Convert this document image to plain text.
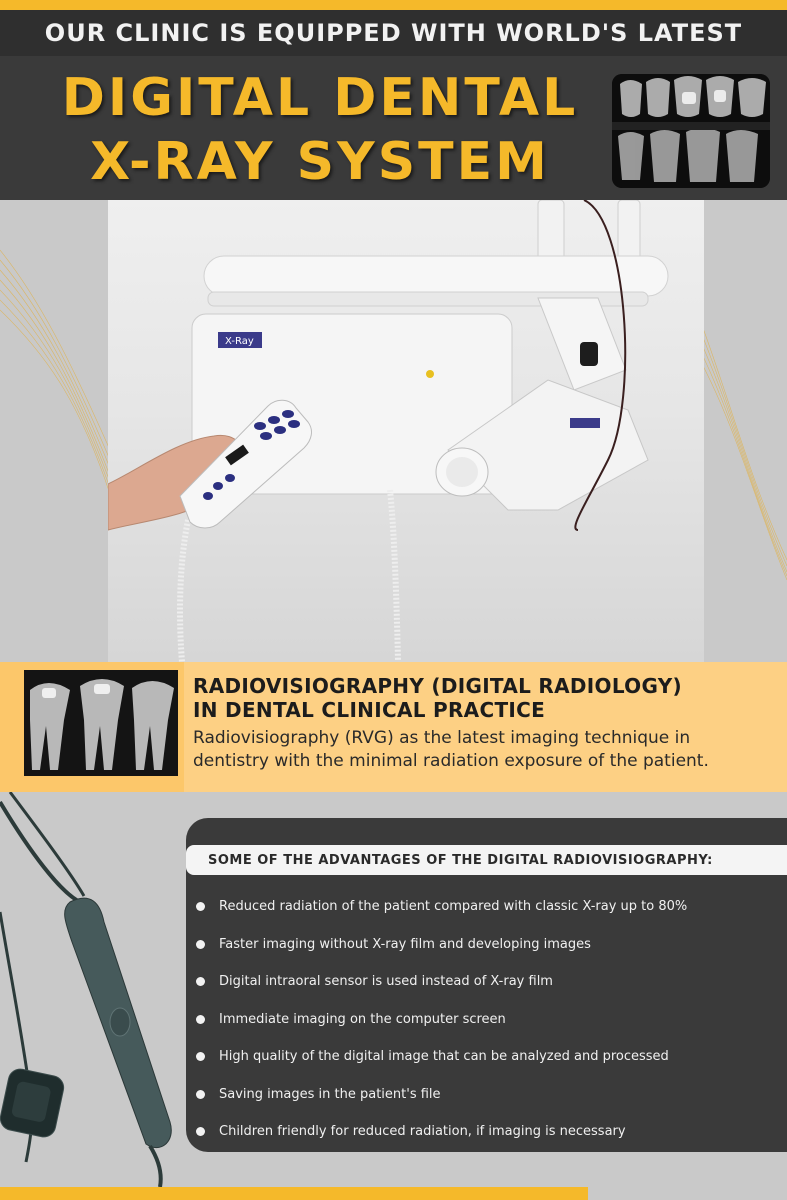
OUR CLINIC IS EQUIPPED WITH WORLD'S LATEST
DIGITAL DENTAL
X-RAY SYSTEM
X-Ray
RADIOVISIOGRAPHY (DIGITAL RADIOLOGY)
IN DENTAL CLINICAL PRACTICE
Radiovisiography (RVG) as the latest imaging technique in
dentistry with the minimal radiation exposure of the patient.
SOME OF THE ADVANTAGES OF THE DIGITAL RADIOVISIOGRAPHY:
Reduced radiation of the patient compared with classic X-ray up to 80%
Faster imaging without X-ray film and developing images
Digital intraoral sensor is used instead of X-ray film
Immediate imaging on the computer screen
High quality of the digital image that can be analyzed and processed
Saving images in the patient's file
Children friendly for reduced radiation, if imaging is necessary
